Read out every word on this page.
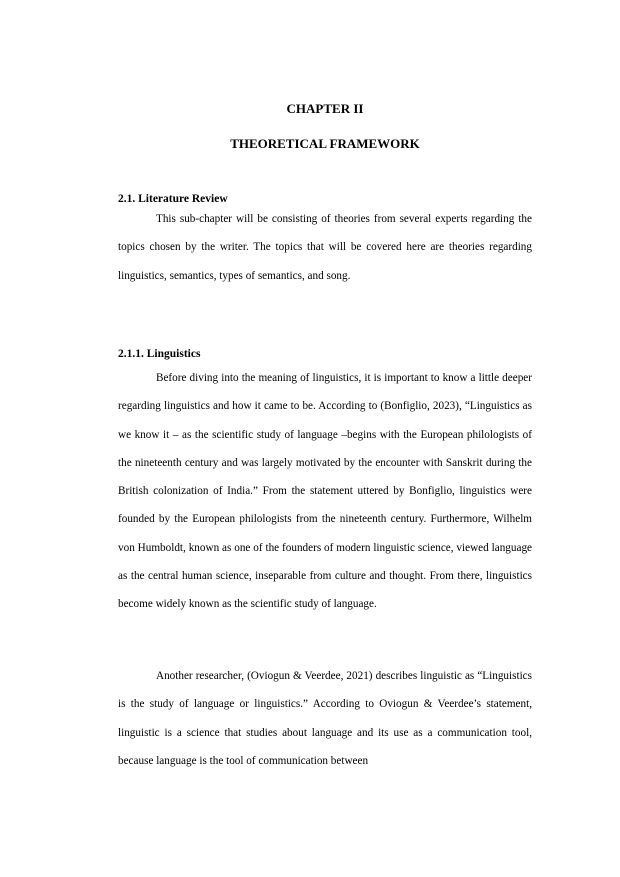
CHAPTER II
THEORETICAL FRAMEWORK
2.1. Literature Review

This sub-chapter will be consisting of theories from several experts regarding the topics chosen by the writer. The topics that will be covered here are theories regarding linguistics, semantics, types of semantics, and song.

2.1.1. Linguistics

Before diving into the meaning of linguistics, it is important to know a little deeper regarding linguistics and how it came to be. According to (Bonfiglio, 2023), “Linguistics as we know it – as the scientific study of language –begins with the European philologists of the nineteenth century and was largely motivated by the encounter with Sanskrit during the British colonization of India.” From the statement uttered by Bonfiglio, linguistics were founded by the European philologists from the nineteenth century. Furthermore, Wilhelm von Humboldt, known as one of the founders of modern linguistic science, viewed language as the central human science, inseparable from culture and thought. From there, linguistics become widely known as the scientific study of language.

Another researcher, (Oviogun & Veerdee, 2021) describes linguistic as “Linguistics is the study of language or linguistics.” According to Oviogun & Veerdee’s statement, linguistic is a science that studies about language and its use as a communication tool, because language is the tool of communication between
